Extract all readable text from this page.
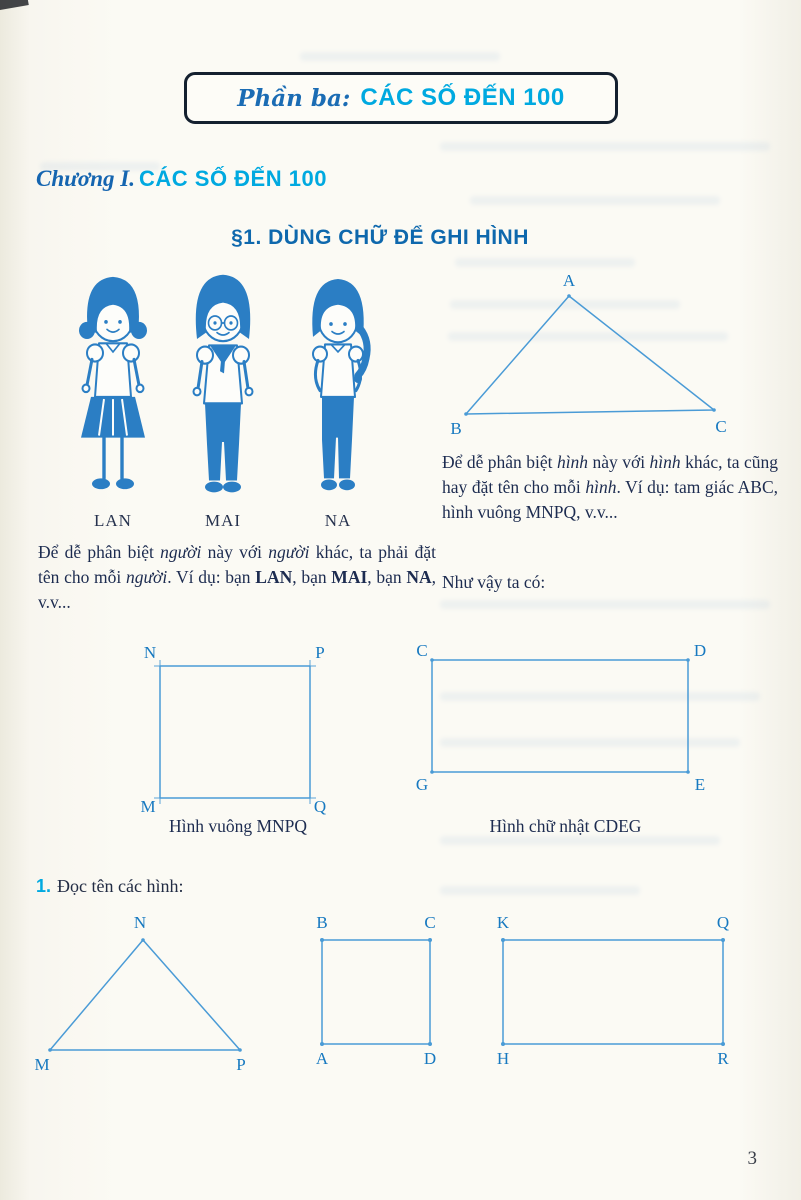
Phần ba: CÁC SỐ ĐẾN 100
Chương I. CÁC SỐ ĐẾN 100
§1. DÙNG CHỮ ĐỂ GHI HÌNH
LAN	MAI	NA
A
B	C

Để dễ phân biệt hình này với hình khác, ta cũng hay đặt tên cho mỗi hình. Ví dụ: tam giác ABC, hình vuông MNPQ, v.v...

Để dễ phân biệt người này với người khác, ta phải đặt tên cho mỗi người. Ví dụ: bạn LAN, bạn MAI, bạn NA, v.v...

Như vậy ta có:
N	P
M	Q
C	D
G	E
Hình vuông MNPQ	Hình chữ nhật CDEG
1. Đọc tên các hình:
N
M	P
B	C
A	D
K	Q
H	R
3
